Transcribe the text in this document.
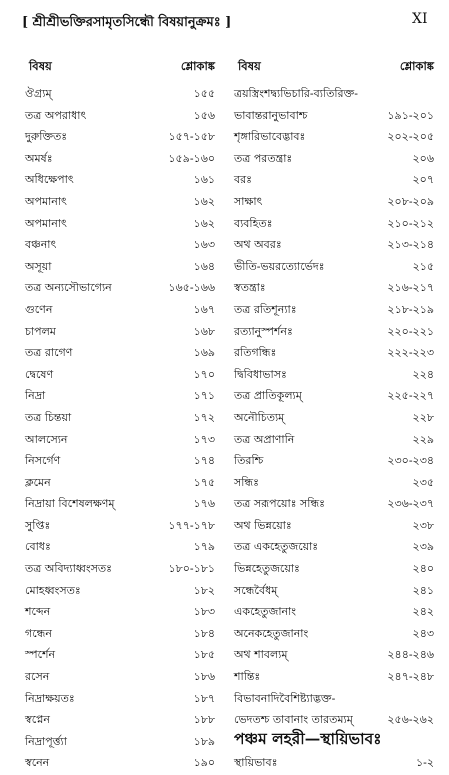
[ শ্রীশ্রীভক্তিরসামৃতসিন্ধৌ বিষয়ানুক্রমঃ ]	XI
বিষয়	শ্লোকাঙ্ক
ঔগ্ৰ্যম্	১৫৫
তত্র অপরাধাৎ	১৫৬
দুরুক্তিতঃ	১৫৭-১৫৮
অমর্ষঃ	১৫৯-১৬০
অধিক্ষেপাৎ	১৬১
অপমানাৎ	১৬২
অপমানাৎ	১৬২
বঞ্চনাৎ	১৬৩
অসূয়া	১৬৪
তত্র অন্যসৌভাগ্যেন	১৬৫-১৬৬
গুণেন	১৬৭
চাপলম	১৬৮
তত্র রাগেণ	১৬৯
দ্বেষেণ	১৭০
নিদ্রা	১৭১
তত্র চিন্তয়া	১৭২
আলস্যেন	১৭৩
নিসর্গেণ	১৭৪
ক্লমেন	১৭৫
নিদ্রায়া বিশেষলক্ষণম্	১৭৬
সুপ্তিঃ	১৭৭-১৭৮
বোধঃ	১৭৯
তত্র অবিদ্যাধ্বংসতঃ	১৮০-১৮১
মোহধ্বংসতঃ	১৮২
শব্দেন	১৮৩
গন্ধেন	১৮৪
স্পর্শেন	১৮৫
রসেন	১৮৬
নিদ্রাক্ষয়তঃ	১৮৭
স্বপ্নেন	১৮৮
নিদ্রাপূর্ত্ত্যা	১৮৯
স্বনেন	১৯০
বিষয়	শ্লোকাঙ্ক
ত্রয়স্ত্রিংশদ্ব্যভিচারি-ব্যতিরিক্ত-
ভাবান্তরানুভাবাশ্চ	১৯১-২০১
শৃঙ্গারিভাবেদ্ভাবঃ	২০২-২০৫
তত্র পরতন্ত্রাঃ	২০৬
বরঃ	২০৭
সাক্ষাৎ	২০৮-২০৯
ব্যবহিতঃ	২১০-২১২
অথ অবরঃ	২১৩-২১৪
ভীতি-ভয়রত্যোর্ভেদঃ	২১৫
স্বতন্ত্রাঃ	২১৬-২১৭
তত্র রতিশূন্যাঃ	২১৮-২১৯
রত্যানুস্পর্শনঃ	২২০-২২১
রতিগন্ধিঃ	২২২-২২৩
দ্বিবিধাভাসঃ	২২৪
তত্র প্রাতিকূল্যম্	২২৫-২২৭
অনৌচিত্যম্	২২৮
তত্র অপ্রাণানি	২২৯
তিরশ্চি	২৩০-২৩৪
সন্ধিঃ	২৩৫
তত্র সরূপয়োঃ সন্ধিঃ	২৩৬-২৩৭
অথ ভিন্নয়োঃ	২৩৮
তত্র একহেতুজয়োঃ	২৩৯
ভিন্নহেতুজয়োঃ	২৪০
সন্ধের্বৈধম্	২৪১
একহেতুজানাং	২৪২
অনেকহেতুজানাং	২৪৩
অথ শাবল্যম্	২৪৪-২৪৬
শান্তিঃ	২৪৭-২৪৮
বিভাবনাদিবৈশিষ্ট্যাদ্ভক্ত-
ভেদতশ্চ তাবানাং তারতম্যম্	২৫৬-২৬২
পঞ্চম লহরী—স্থায়িভাবঃ
স্থায়িভাবঃ	১-২
